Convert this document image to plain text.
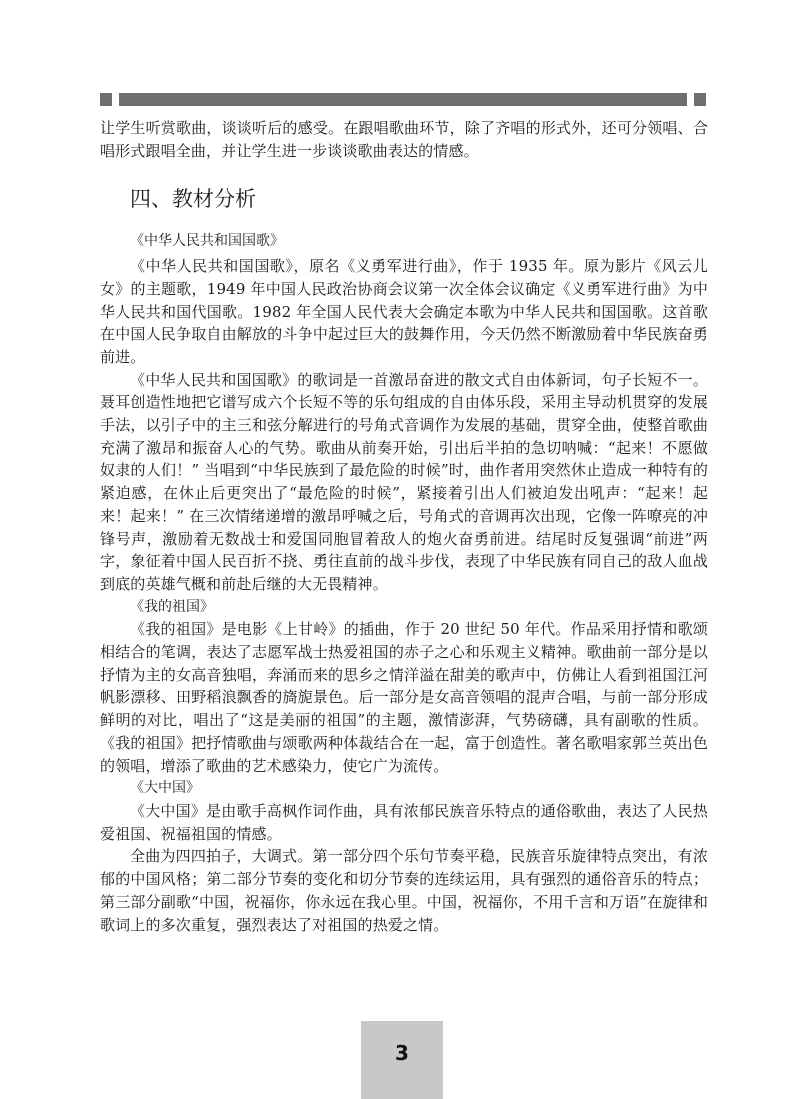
让学生听赏歌曲，谈谈听后的感受。在跟唱歌曲环节，除了齐唱的形式外，还可分领唱、合唱形式跟唱全曲，并让学生进一步谈谈歌曲表达的情感。

四、教材分析

《中华人民共和国国歌》

《中华人民共和国国歌》，原名《义勇军进行曲》，作于 1935 年。原为影片《风云儿女》的主题歌，1949 年中国人民政治协商会议第一次全体会议确定《义勇军进行曲》为中华人民共和国代国歌。1982 年全国人民代表大会确定本歌为中华人民共和国国歌。这首歌在中国人民争取自由解放的斗争中起过巨大的鼓舞作用，今天仍然不断激励着中华民族奋勇前进。

《中华人民共和国国歌》的歌词是一首激昂奋进的散文式自由体新词，句子长短不一。聂耳创造性地把它谱写成六个长短不等的乐句组成的自由体乐段，采用主导动机贯穿的发展手法，以引子中的主三和弦分解进行的号角式音调作为发展的基础，贯穿全曲，使整首歌曲充满了激昂和振奋人心的气势。歌曲从前奏开始，引出后半拍的急切呐喊：“起来！不愿做奴隶的人们！” 当唱到“中华民族到了最危险的时候”时，曲作者用突然休止造成一种特有的紧迫感，在休止后更突出了“最危险的时候”，紧接着引出人们被迫发出吼声：“起来！起来！起来！” 在三次情绪递增的激昂呼喊之后，号角式的音调再次出现，它像一阵嘹亮的冲锋号声，激励着无数战士和爱国同胞冒着敌人的炮火奋勇前进。结尾时反复强调“前进”两字，象征着中国人民百折不挠、勇往直前的战斗步伐，表现了中华民族有同自己的敌人血战到底的英雄气概和前赴后继的大无畏精神。

《我的祖国》

《我的祖国》是电影《上甘岭》的插曲，作于 20 世纪 50 年代。作品采用抒情和歌颂相结合的笔调，表达了志愿军战士热爱祖国的赤子之心和乐观主义精神。歌曲前一部分是以抒情为主的女高音独唱，奔涌而来的思乡之情洋溢在甜美的歌声中，仿佛让人看到祖国江河帆影漂移、田野稻浪飘香的旖旎景色。后一部分是女高音领唱的混声合唱，与前一部分形成鲜明的对比，唱出了“这是美丽的祖国”的主题，激情澎湃，气势磅礴，具有副歌的性质。《我的祖国》把抒情歌曲与颂歌两种体裁结合在一起，富于创造性。著名歌唱家郭兰英出色的领唱，增添了歌曲的艺术感染力，使它广为流传。

《大中国》

《大中国》是由歌手高枫作词作曲，具有浓郁民族音乐特点的通俗歌曲，表达了人民热爱祖国、祝福祖国的情感。

全曲为四四拍子，大调式。第一部分四个乐句节奏平稳，民族音乐旋律特点突出，有浓郁的中国风格；第二部分节奏的变化和切分节奏的连续运用，具有强烈的通俗音乐的特点；第三部分副歌“中国，祝福你，你永远在我心里。中国，祝福你，不用千言和万语”在旋律和歌词上的多次重复，强烈表达了对祖国的热爱之情。

3
